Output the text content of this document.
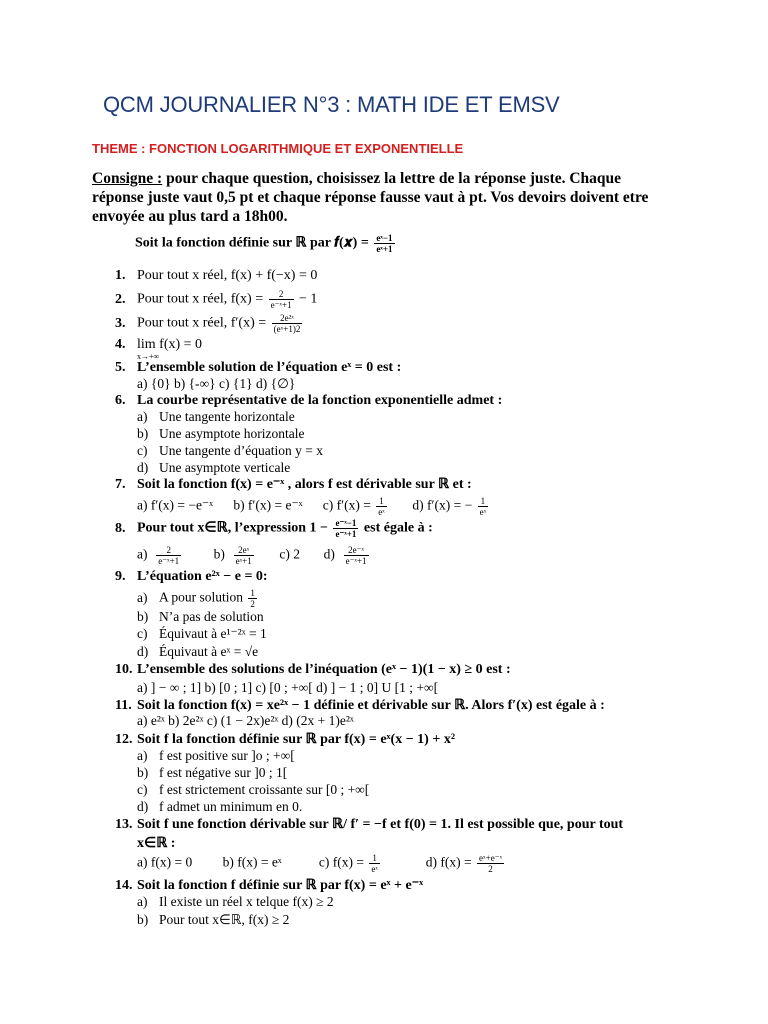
QCM JOURNALIER N°3 : MATH IDE ET EMSV
THEME : FONCTION LOGARITHMIQUE ET EXPONENTIELLE
Consigne : pour chaque question, choisissez la lettre de la réponse juste. Chaque réponse juste vaut 0,5 pt et chaque réponse fausse vaut à pt. Vos devoirs doivent etre envoyée au plus tard a 18h00.
Soit la fonction définie sur ℝ par 𝒇(𝒙) = $\frac{\text{eˣ−1}}{\text{eˣ+1}}$
1. Pour tout x réel, f(x) + f(−x) = 0
2. Pour tout x réel, $f(x) = \frac{2}{\text{e⁻ˣ+1}} - 1$
3. Pour tout x réel, $f'(x) = \frac{\text{2e²ˣ}}{\text{(eˣ+1)2}}$
4. lim f(x) = 0
x→+∞
5. L’ensemble solution de l’équation eˣ = 0 est :
a) {0} b) {-∞} c) {1} d) {∅}
6. La courbe représentative de la fonction exponentielle admet :
a) Une tangente horizontale
b) Une asymptote horizontale
c) Une tangente d’équation y = x
d) Une asymptote verticale
7. Soit la fonction f(x) = e⁻ˣ , alors f est dérivable sur ℝ et :
a) f′(x) = −e⁻ˣ b) f′(x) = e⁻ˣ c) $f'(x) = \frac{1}{\text{eˣ}} d$) f′(x) = − $\frac{1}{\text{eˣ}}$
8. Pour tout x∈ℝ, l’expression $1 - \frac{\text{e⁻ˣ−1}}{\text{e⁻ˣ+1}}$ est égale à :
$a) \frac{2}{\text{e⁻ˣ+1}} b) \frac{\text{2eˣ}}{\text{eˣ+1}} c$) 2 $d) \frac{\text{2e⁻ˣ}}{\text{e⁻ˣ+1}}$
9. L’équation e²ˣ − e = 0:
a) A pour solution $\frac{1}{2}$
b) N’a pas de solution
c) Équivaut à e¹⁻²ˣ = 1
d) Équivaut à eˣ = √e
10. L’ensemble des solutions de l’inéquation (eˣ − 1)(1 − x) ≥ 0 est :
a) ] − ∞ ; 1] b) [0 ; 1] c) [0 ; +∞[ d) ] − 1 ; 0] U [1 ; +∞[
11. Soit la fonction f(x) = xe²ˣ − 1 définie et dérivable sur ℝ. Alors f′(x) est égale à :
a) e²ˣ b) 2e²ˣ c) (1 − 2x)e²ˣ d) (2x + 1)e²ˣ
12. Soit f la fonction définie sur ℝ par f(x) = eˣ(x − 1) + x²
a) f est positive sur ]o ; +∞[
b) f est négative sur ]0 ; 1[
c) f est strictement croissante sur [0 ; +∞[
d) f admet un minimum en 0.
13. Soit f une fonction dérivable sur ℝ/ f′ = −f et f(0) = 1. Il est possible que, pour tout
x∈ℝ :
a) f(x) = 0 b) f(x) = eˣ	c) $f(x) = \frac{1}{\text{eˣ}}$	d) $f(x) = \frac{\text{eˣ+e⁻ˣ}}{2}$
14. Soit la fonction f définie sur ℝ par f(x) = eˣ + e⁻ˣ
a) Il existe un réel x telque f(x) ≥ 2
b) Pour tout x∈ℝ, f(x) ≥ 2
